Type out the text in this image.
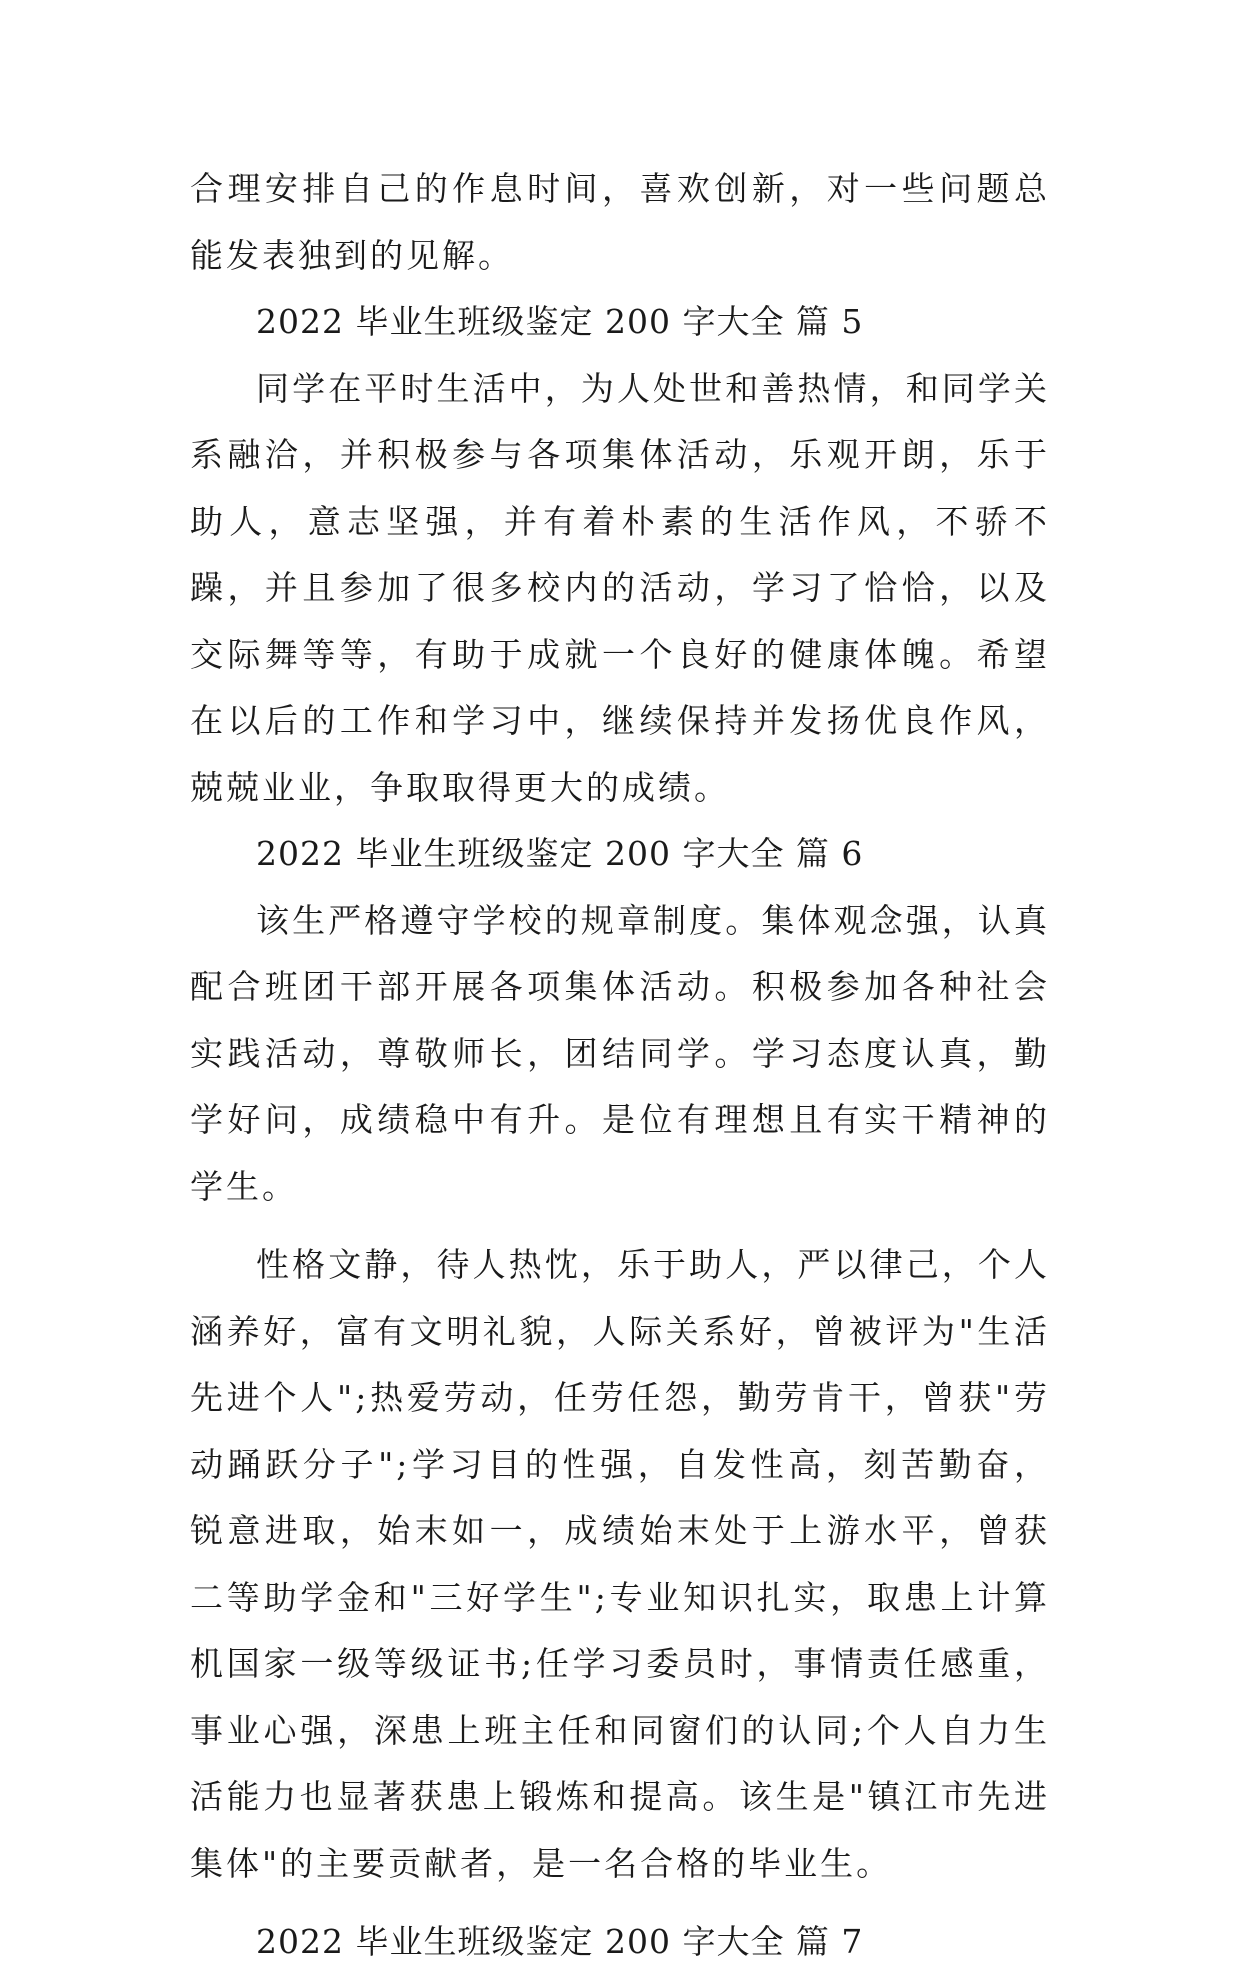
合理安排自己的作息时间，喜欢创新，对一些问题总能发表独到的见解。

2022 毕业生班级鉴定 200 字大全 篇 5

同学在平时生活中，为人处世和善热情，和同学关系融洽，并积极参与各项集体活动，乐观开朗，乐于助人，意志坚强，并有着朴素的生活作风，不骄不躁，并且参加了很多校内的活动，学习了恰恰，以及交际舞等等，有助于成就一个良好的健康体魄。希望在以后的工作和学习中，继续保持并发扬优良作风，兢兢业业，争取取得更大的成绩。

2022 毕业生班级鉴定 200 字大全 篇 6

该生严格遵守学校的规章制度。集体观念强，认真配合班团干部开展各项集体活动。积极参加各种社会实践活动，尊敬师长，团结同学。学习态度认真，勤学好问，成绩稳中有升。是位有理想且有实干精神的学生。

性格文静，待人热忱，乐于助人，严以律己，个人涵养好，富有文明礼貌，人际关系好，曾被评为"生活先进个人";热爱劳动，任劳任怨，勤劳肯干，曾获"劳动踊跃分子";学习目的性强，自发性高，刻苦勤奋，锐意进取，始末如一，成绩始末处于上游水平，曾获二等助学金和"三好学生";专业知识扎实，取患上计算机国家一级等级证书;任学习委员时，事情责任感重，事业心强，深患上班主任和同窗们的认同;个人自力生活能力也显著获患上锻炼和提高。该生是"镇江市先进集体"的主要贡献者，是一名合格的毕业生。

2022 毕业生班级鉴定 200 字大全 篇 7
